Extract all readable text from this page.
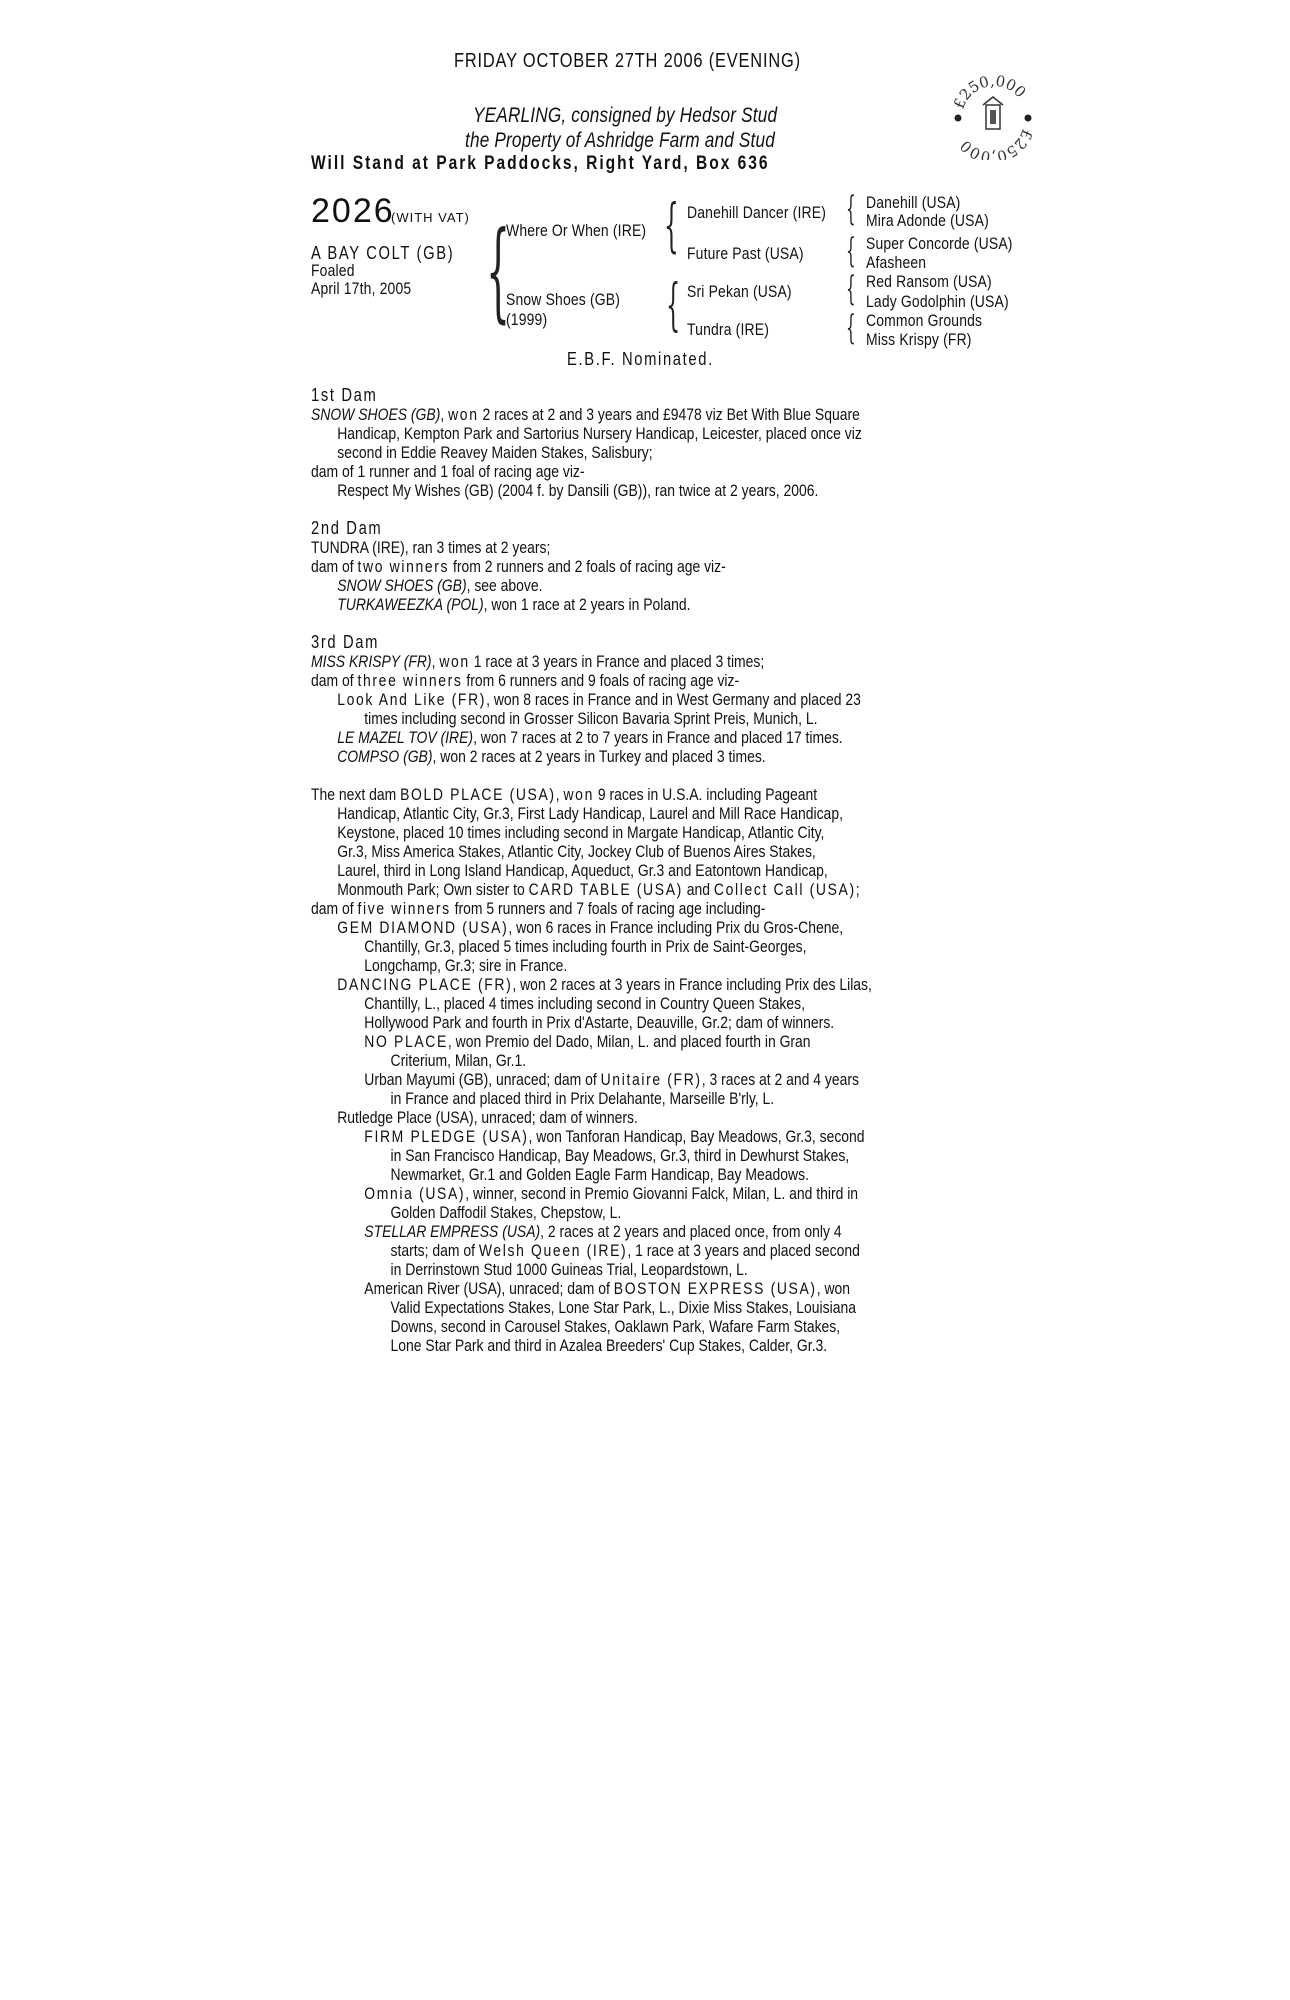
FRIDAY OCTOBER 27TH 2006 (EVENING)
YEARLING, consigned by Hedsor Stud
the Property of Ashridge Farm and Stud
Will Stand at Park Paddocks, Right Yard, Box 636
250,000
250,000
2026
(WITH VAT)
A BAY COLT (GB)
Foaled
April 17th, 2005 {
Where Or When (IRE)
Snow Shoes (GB)
(1999)
{ Danehill Dancer (IRE)
Future Past (USA)
{ Sri Pekan (USA)
Tundra (IRE)
{ Danehill (USA)
Mira Adonde (USA)
{ Super Concorde (USA)
Afasheen
{ Red Ransom (USA)
Lady Godolphin (USA)
{ Common Grounds
Miss Krispy (FR)
E.B.F. Nominated.
1st Dam
SNOW SHOES (GB), won 2 races at 2 and 3 years and £9478 viz Bet With Blue Square
Handicap, Kempton Park and Sartorius Nursery Handicap, Leicester, placed once viz
second in Eddie Reavey Maiden Stakes, Salisbury;
dam of 1 runner and 1 foal of racing age viz-
Respect My Wishes (GB) (2004 f. by Dansili (GB)), ran twice at 2 years, 2006.
2nd Dam
TUNDRA (IRE), ran 3 times at 2 years;
dam of two winners from 2 runners and 2 foals of racing age viz-
SNOW SHOES (GB), see above.
TURKAWEEZKA (POL), won 1 race at 2 years in Poland.
3rd Dam
MISS KRISPY (FR), won 1 race at 3 years in France and placed 3 times;
dam of three winners from 6 runners and 9 foals of racing age viz-
Look And Like (FR), won 8 races in France and in West Germany and placed 23
times including second in Grosser Silicon Bavaria Sprint Preis, Munich, L.
LE MAZEL TOV (IRE), won 7 races at 2 to 7 years in France and placed 17 times.
COMPSO (GB), won 2 races at 2 years in Turkey and placed 3 times.
The next dam BOLD PLACE (USA), won 9 races in U.S.A. including Pageant
Handicap, Atlantic City, Gr.3, First Lady Handicap, Laurel and Mill Race Handicap,
Keystone, placed 10 times including second in Margate Handicap, Atlantic City,
Gr.3, Miss America Stakes, Atlantic City, Jockey Club of Buenos Aires Stakes,
Laurel, third in Long Island Handicap, Aqueduct, Gr.3 and Eatontown Handicap,
Monmouth Park; Own sister to CARD TABLE (USA) and Collect Call (USA);
dam of five winners from 5 runners and 7 foals of racing age including-
GEM DIAMOND (USA), won 6 races in France including Prix du Gros-Chene,
Chantilly, Gr.3, placed 5 times including fourth in Prix de Saint-Georges,
Longchamp, Gr.3; sire in France.
DANCING PLACE (FR), won 2 races at 3 years in France including Prix des Lilas,
Chantilly, L., placed 4 times including second in Country Queen Stakes,
Hollywood Park and fourth in Prix d'Astarte, Deauville, Gr.2; dam of winners.
NO PLACE, won Premio del Dado, Milan, L. and placed fourth in Gran
Criterium, Milan, Gr.1.
Urban Mayumi (GB), unraced; dam of Unitaire (FR), 3 races at 2 and 4 years
in France and placed third in Prix Delahante, Marseille B'rly, L.
Rutledge Place (USA), unraced; dam of winners.
FIRM PLEDGE (USA), won Tanforan Handicap, Bay Meadows, Gr.3, second
in San Francisco Handicap, Bay Meadows, Gr.3, third in Dewhurst Stakes,
Newmarket, Gr.1 and Golden Eagle Farm Handicap, Bay Meadows.
Omnia (USA), winner, second in Premio Giovanni Falck, Milan, L. and third in
Golden Daffodil Stakes, Chepstow, L.
STELLAR EMPRESS (USA), 2 races at 2 years and placed once, from only 4
starts; dam of Welsh Queen (IRE), 1 race at 3 years and placed second
in Derrinstown Stud 1000 Guineas Trial, Leopardstown, L.
American River (USA), unraced; dam of BOSTON EXPRESS (USA), won
Valid Expectations Stakes, Lone Star Park, L., Dixie Miss Stakes, Louisiana
Downs, second in Carousel Stakes, Oaklawn Park, Wafare Farm Stakes,
Lone Star Park and third in Azalea Breeders' Cup Stakes, Calder, Gr.3.
